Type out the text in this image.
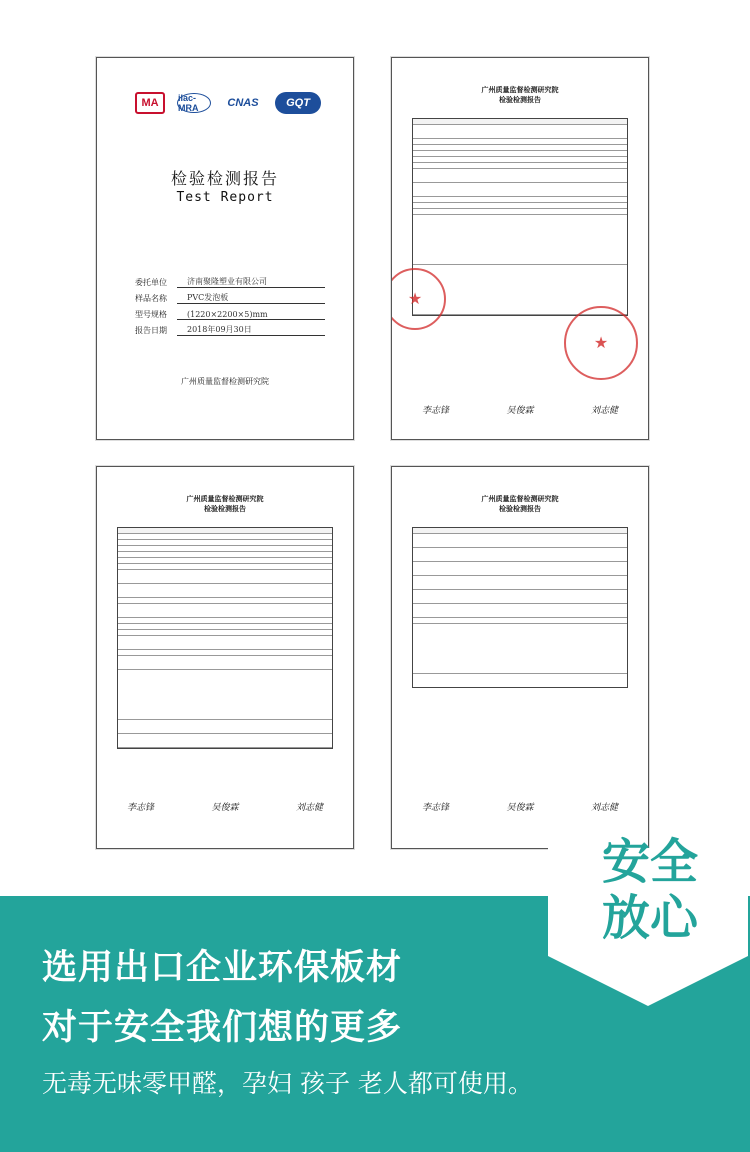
MA	ilac-MRA	CNAS	GQT
检验检测报告
Test Report
委托单位	济南聚隆塑业有限公司
样品名称	PVC发泡板
型号规格	(1220×2200×5)mm
报告日期	2018年09月30日
广州质量监督检测研究院
广州质量监督检测研究院
检验检测报告
★
★
李志锋	吴俊霖	刘志健
广州质量监督检测研究院
检验检测报告
李志锋	吴俊霖	刘志健
广州质量监督检测研究院
检验检测报告
李志锋	吴俊霖	刘志健
安全
放心
选用出口企业环保板材
对于安全我们想的更多
无毒无味零甲醛，孕妇 孩子 老人都可使用。
